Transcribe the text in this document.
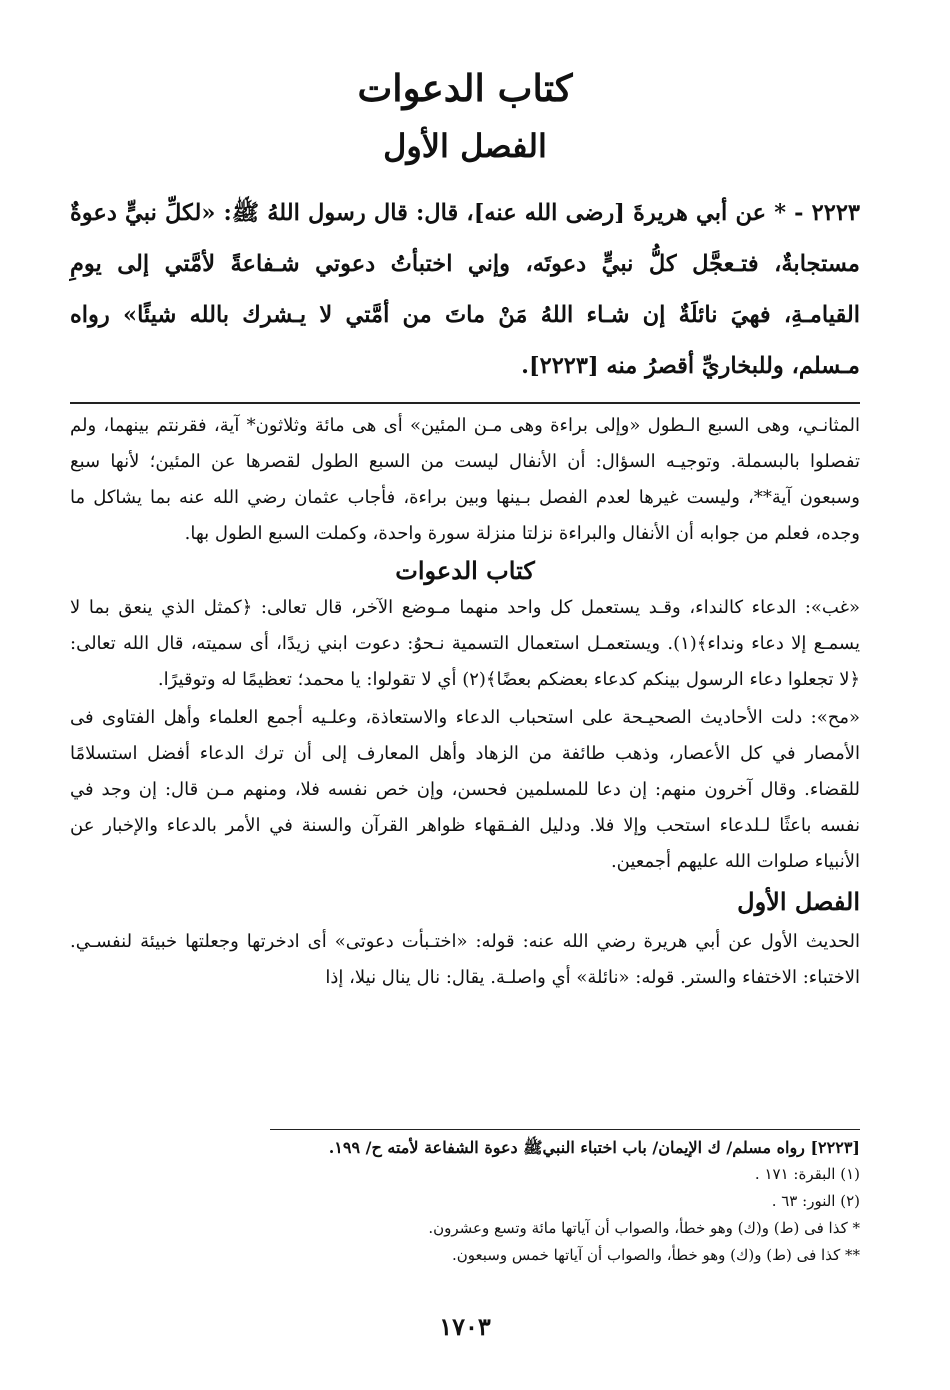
كتاب الدعوات
الفصل الأول

٢٢٢٣ - * عن أبي هريرةَ [رضى الله عنه]، قال: قال رسول اللهُ ﷺ: «لكلِّ نبيٍّ دعوةٌ مستجابةٌ، فتـعجَّل كلُّ نبيٍّ دعوتَه، وإني اختبأتُ دعوتي شـفاعةً لأمَّتي إلى يومِ القيامـةِ، فهيَ نائلَةٌ إن شـاء اللهُ مَنْ ماتَ من أمَّتي لا يـشرك بالله شيئًا» رواه مـسلم، وللبخاريِّ أقصرُ منه [٢٢٢٣].

المثانـي، وهى السبع الـطول «وإلى براءة وهى مـن المئين» أى هى مائة وثلاثون* آية، فقرنتم بينهما، ولم تفصلوا بالبسملة. وتوجيـه السؤال: أن الأنفال ليست من السبع الطول لقصرها عن المئين؛ لأنها سبع وسبعون آية**، وليست غيرها لعدم الفصل بـينها وبين براءة، فأجاب عثمان رضي الله عنه بما يشاكل ما وجده، فعلم من جوابه أن الأنفال والبراءة نزلتا منزلة سورة واحدة، وكملت السبع الطول بها.

كتاب الدعوات

«غب»: الدعاء كالنداء، وقـد يستعمل كل واحد منهما مـوضع الآخر، قال تعالى: ﴿كمثل الذي ينعق بما لا يسمـع إلا دعاء ونداء﴾(١). ويستعمـل استعمال التسمية نـحوُ: دعوت ابني زيدًا، أى سميته، قال الله تعالى: ﴿لا تجعلوا دعاء الرسول بينكم كدعاء بعضكم بعضًا﴾(٢) أي لا تقولوا: يا محمد؛ تعظيمًا له وتوقيرًا.

«مح»: دلت الأحاديث الصحيـحة على استحباب الدعاء والاستعاذة، وعلـيه أجمع العلماء وأهل الفتاوى فى الأمصار في كل الأعصار، وذهب طائفة من الزهاد وأهل المعارف إلى أن ترك الدعاء أفضل استسلامًا للقضاء. وقال آخرون منهم: إن دعا للمسلمين فحسن، وإن خص نفسه فلا، ومنهم مـن قال: إن وجد في نفسه باعثًا لـلدعاء استحب وإلا فلا. ودليل الفـقهاء ظواهر القرآن والسنة في الأمر بالدعاء والإخبار عن الأنبياء صلوات الله عليهم أجمعين.

الفصل الأول

الحديث الأول عن أبي هريرة رضي الله عنه: قوله: «اختـبأت دعوتى» أى ادخرتها وجعلتها خبيئة لنفسـي. الاختباء: الاختفاء والستر. قوله: «نائلة» أي واصلـة. يقال: نال ينال نيلا، إذا

[٢٢٢٣] رواه مسلم/ ك الإيمان/ باب اختباء النبيﷺ دعوة الشفاعة لأمته ح/ ١٩٩.

(١) البقرة: ١٧١ .

(٢) النور: ٦٣ .

* كذا فى (ط) و(ك) وهو خطأ، والصواب أن آياتها مائة وتسع وعشرون.

** كذا فى (ط) و(ك) وهو خطأ، والصواب أن آياتها خمس وسبعون.

١٧٠٣
